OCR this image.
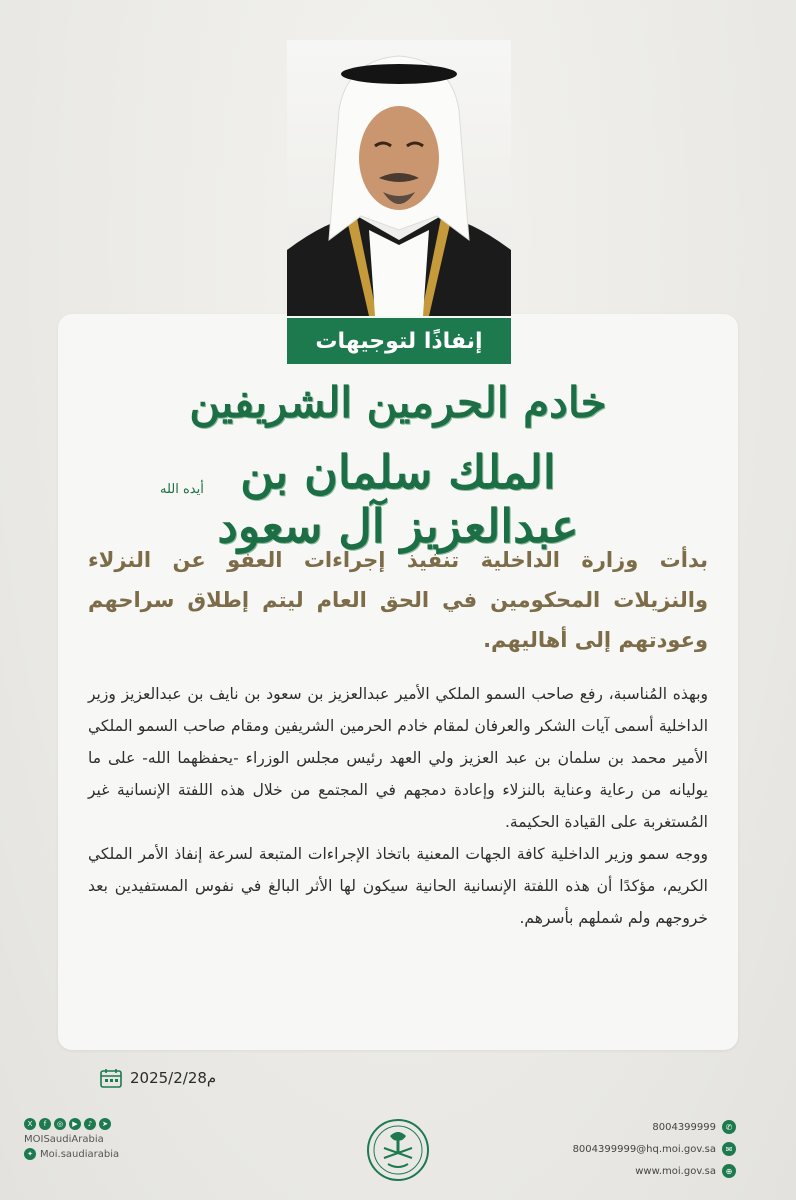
إنفاذًا لتوجيهات
خادم الحرمين الشريفين
الملك سلمان بن عبدالعزيز آل سعود
أيده الله
بدأت وزارة الداخلية تنفيذ إجراءات العفو عن النزلاء والنزيلات المحكومين في الحق العام ليتم إطلاق سراحهم وعودتهم إلى أهاليهم.

وبهذه المُناسبة، رفع صاحب السمو الملكي الأمير عبدالعزيز بن سعود بن نايف بن عبدالعزيز وزير الداخلية أسمى آيات الشكر والعرفان لمقام خادم الحرمين الشريفين ومقام صاحب السمو الملكي الأمير محمد بن سلمان بن عبد العزيز ولي العهد رئيس مجلس الوزراء -يحفظهما الله- على ما يوليانه من رعاية وعناية بالنزلاء وإعادة دمجهم في المجتمع من خلال هذه اللفتة الإنسانية غير المُستغربة على القيادة الحكيمة.

ووجه سمو وزير الداخلية كافة الجهات المعنية باتخاذ الإجراءات المتبعة لسرعة إنفاذ الأمر الملكي الكريم، مؤكدًا أن هذه اللفتة الإنسانية الحانية سيكون لها الأثر البالغ في نفوس المستفيدين بعد خروجهم ولم شملهم بأسرهم.

2025/2/28م
X	f	◎	▶	♪	➤
MOISaudiArabia
✦ Moi.saudiarabia
8004399999	✆
8004399999@hq.moi.gov.sa	✉
www.moi.gov.sa	⊕
